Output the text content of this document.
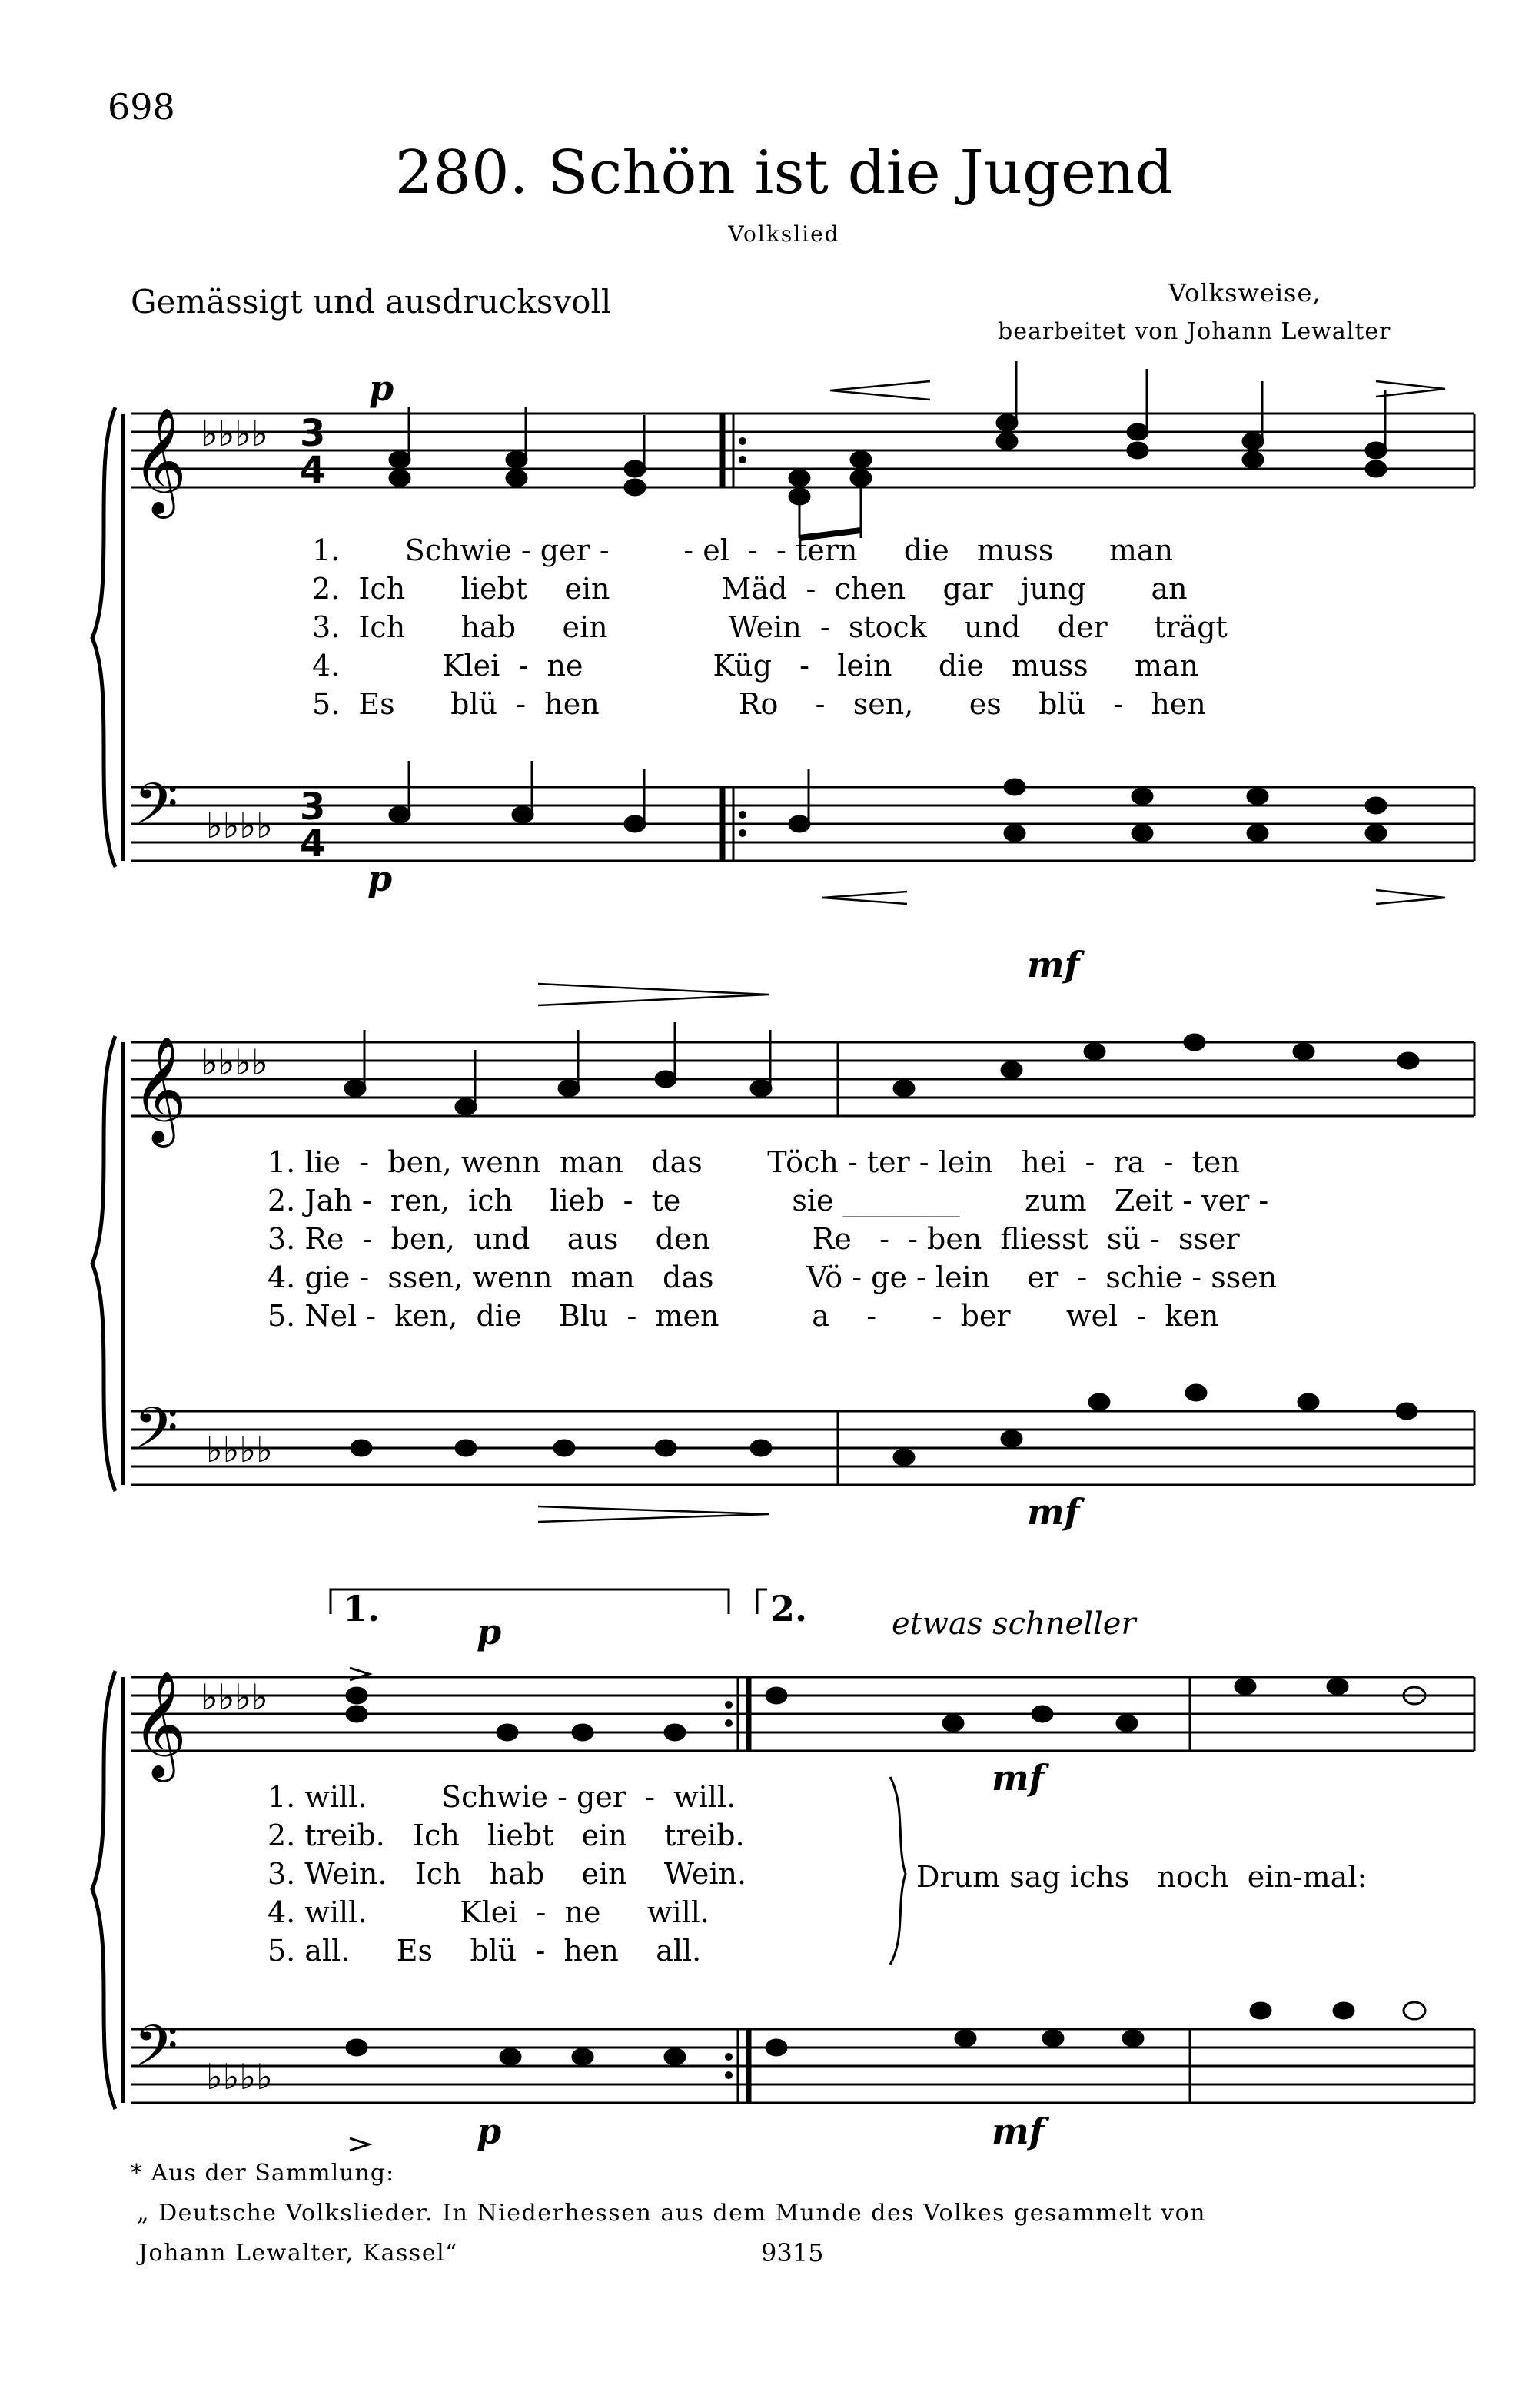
698
280. Schön ist die Jugend
Volkslied
Gemässigt und ausdrucksvoll	Volksweise,
bearbeitet von Johann Lewalter
𝄞
𝄢
𝄞
𝄢
𝄞
𝄢
♭♭♭♭
♭♭♭♭
♭♭♭♭
♭♭♭♭
♭♭♭♭
♭♭♭♭
3
4
3
4
p
p
mf
mf
p
p
mf
mf
1.	2.	etwas schneller
1.       Schwie - ger -        - el  -  - tern     die   muss      man
2.  Ich      liebt    ein            Mäd  -  chen    gar   jung       an
3.  Ich      hab     ein             Wein  -  stock    und    der     trägt
4.           Klei  -  ne              Küg   -   lein     die   muss     man
5.  Es      blü  -  hen               Ro    -   sen,      es    blü   -   hen
1. lie  -  ben, wenn  man   das       Töch - ter - lein   hei  -  ra  -  ten
2. Jah -  ren,  ich    lieb  -  te            sie ________       zum   Zeit - ver -
3. Re  -  ben,  und    aus    den           Re   -  - ben  fliesst  sü -  sser
4. gie -  ssen, wenn  man   das          Vö - ge - lein    er  -  schie - ssen
5. Nel -  ken,  die    Blu  -  men          a    -      -  ber      wel  -  ken
1. will.        Schwie - ger  -  will.
2. treib.   Ich   liebt   ein    treib.
3. Wein.   Ich   hab    ein    Wein.
4. will.          Klei  -  ne     will.
5. all.     Es    blü  -  hen    all.
Drum sag ichs   noch  ein-mal:
* Aus der Sammlung:
„ Deutsche Volkslieder. In Niederhessen aus dem Munde des Volkes gesammelt von
Johann Lewalter, Kassel“	9315
